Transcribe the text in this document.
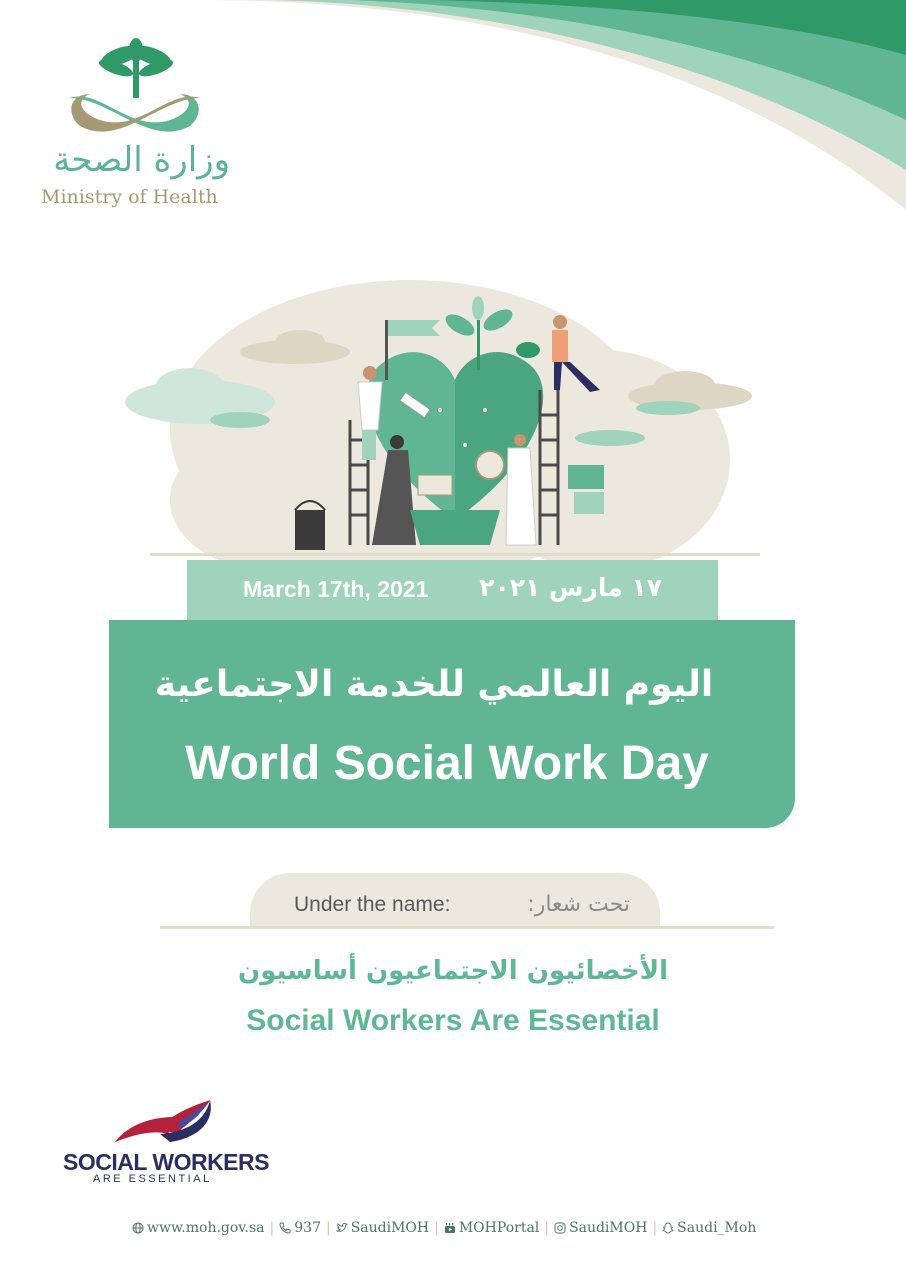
وزارة الصحة
Ministry of Health
March 17th, 2021 ١٧ مارس ٢٠٢١
اليوم العالمي للخدمة الاجتماعية
World Social Work Day
Under the name:	تحت شعار:
الأخصائيون الاجتماعيون أساسيون
Social Workers Are Essential
SOCIAL WORKERS
ARE ESSENTIAL
www.moh.gov.sa | 937 | SaudiMOH | MOHPortal | SaudiMOH | Saudi_Moh
